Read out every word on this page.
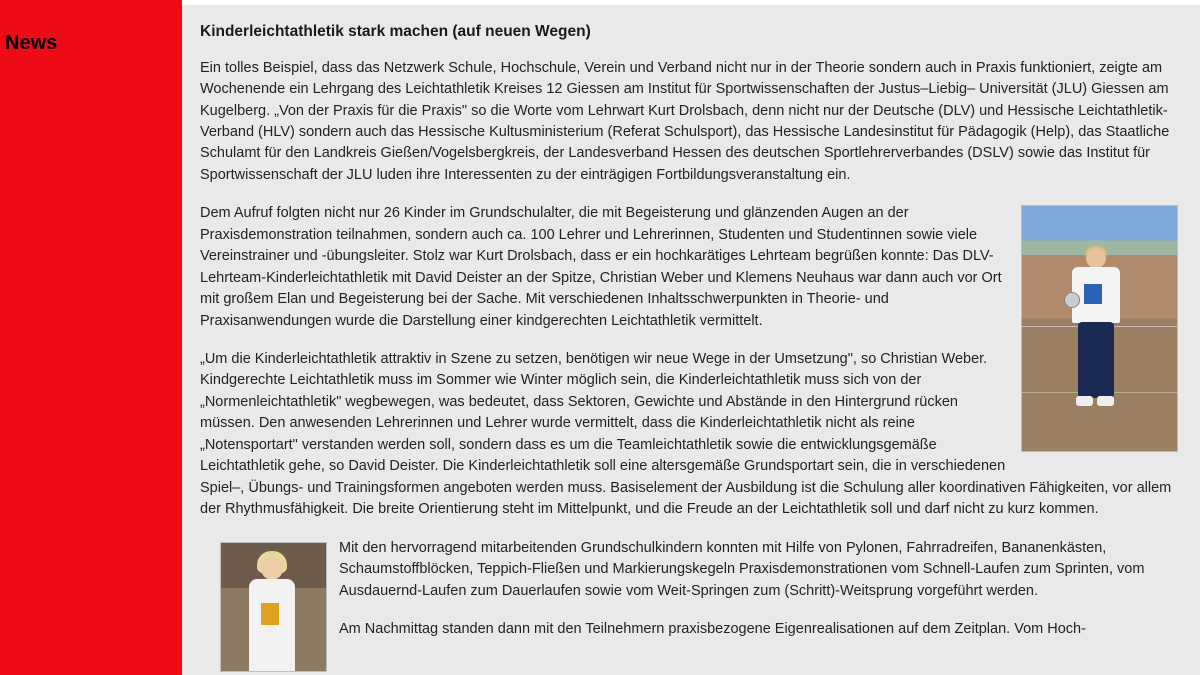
News
Kinderleichtathletik stark machen (auf neuen Wegen)

Ein tolles Beispiel, dass das Netzwerk Schule, Hochschule, Verein und Verband nicht nur in der Theorie sondern auch in Praxis funktioniert, zeigte am Wochenende ein Lehrgang des Leichtathletik Kreises 12 Giessen am Institut für Sportwissenschaften der Justus–Liebig– Universität (JLU) Giessen am Kugelberg. „Von der Praxis für die Praxis" so die Worte vom Lehrwart Kurt Drolsbach, denn nicht nur der Deutsche (DLV) und Hessische Leichtathletik-Verband (HLV) sondern auch das Hessische Kultusministerium (Referat Schulsport), das Hessische Landesinstitut für Pädagogik (Help), das Staatliche Schulamt für den Landkreis Gießen/Vogelsbergkreis, der Landesverband Hessen des deutschen Sportlehrerverbandes (DSLV) sowie das Institut für Sportwissenschaft der JLU luden ihre Interessenten zu der einträgigen Fortbildungsveranstaltung ein.

Dem Aufruf folgten nicht nur 26 Kinder im Grundschulalter, die mit Begeisterung und glänzenden Augen an der Praxisdemonstration teilnahmen, sondern auch ca. 100 Lehrer und Lehrerinnen, Studenten und Studentinnen sowie viele Vereinstrainer und -übungsleiter. Stolz war Kurt Drolsbach, dass er ein hochkarätiges Lehrteam begrüßen konnte: Das DLV-Lehrteam-Kinderleichtathletik mit David Deister an der Spitze, Christian Weber und Klemens Neuhaus war dann auch vor Ort mit großem Elan und Begeisterung bei der Sache. Mit verschiedenen Inhaltsschwerpunkten in Theorie- und Praxisanwendungen wurde die Darstellung einer kindgerechten Leichtathletik vermittelt.

„Um die Kinderleichtathletik attraktiv in Szene zu setzen, benötigen wir neue Wege in der Umsetzung", so Christian Weber. Kindgerechte Leichtathletik muss im Sommer wie Winter möglich sein, die Kinderleichtathletik muss sich von der „Normenleichtathletik" wegbewegen, was bedeutet, dass Sektoren, Gewichte und Abstände in den Hintergrund rücken müssen. Den anwesenden Lehrerinnen und Lehrer wurde vermittelt, dass die Kinderleichtathletik nicht als reine „Notensportart" verstanden werden soll, sondern dass es um die Teamleichtathletik sowie die entwicklungsgemäße Leichtathletik gehe, so David Deister. Die Kinderleichtathletik soll eine altersgemäße Grundsportart sein, die in verschiedenen Spiel–, Übungs- und Trainingsformen angeboten werden muss. Basiselement der Ausbildung ist die Schulung aller koordinativen Fähigkeiten, vor allem der Rhythmusfähigkeit. Die breite Orientierung steht im Mittelpunkt, und die Freude an der Leichtathletik soll und darf nicht zu kurz kommen.

Mit den hervorragend mitarbeitenden Grundschulkindern konnten mit Hilfe von Pylonen, Fahrradreifen, Bananenkästen, Schaumstoffblöcken, Teppich-Fließen und Markierungskegeln Praxisdemonstrationen vom Schnell-Laufen zum Sprinten, vom Ausdauernd-Laufen zum Dauerlaufen sowie vom Weit-Springen zum (Schritt)-Weitsprung vorgeführt werden.

Am Nachmittag standen dann mit den Teilnehmern praxisbezogene Eigenrealisationen auf dem Zeitplan. Vom Hoch-
